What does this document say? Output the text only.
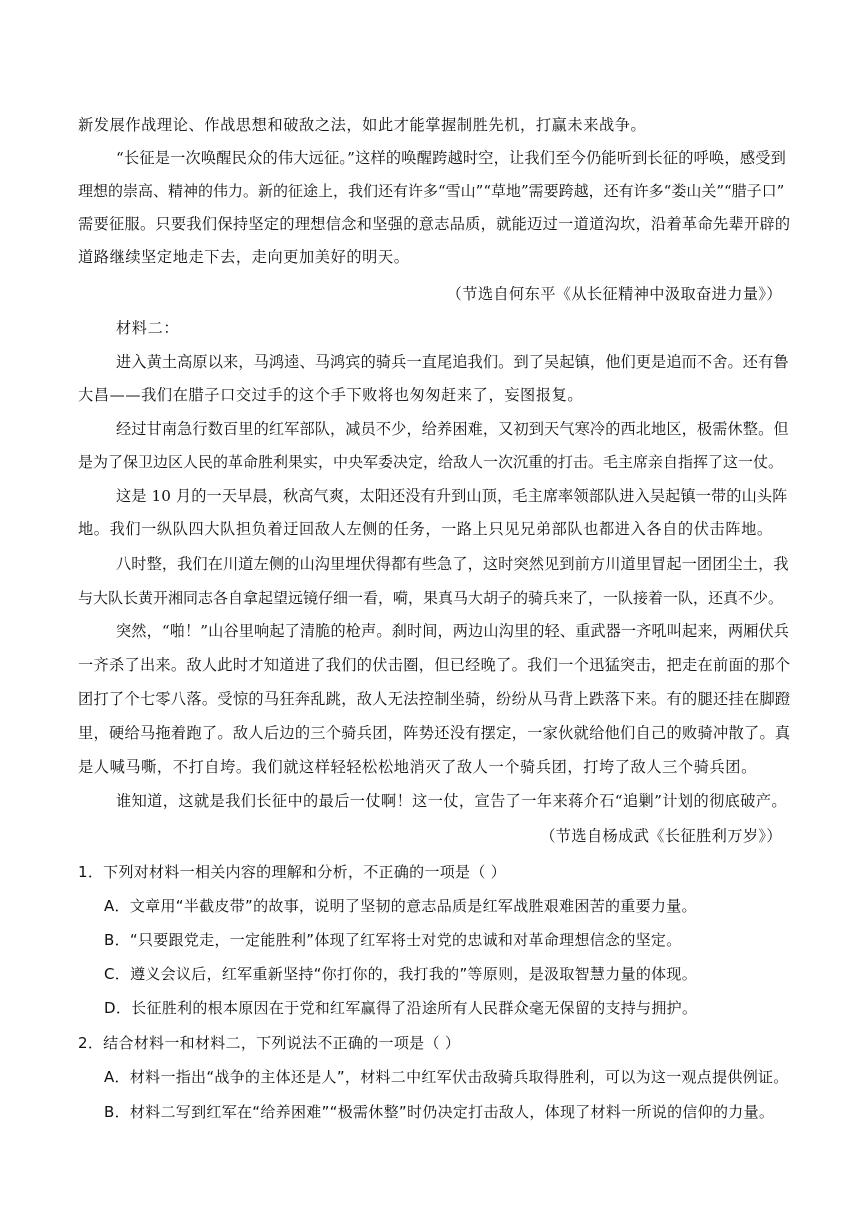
新发展作战理论、作战思想和破敌之法，如此才能掌握制胜先机，打赢未来战争。
“长征是一次唤醒民众的伟大远征。”这样的唤醒跨越时空，让我们至今仍能听到长征的呼唤，感受到
理想的崇高、精神的伟力。新的征途上，我们还有许多“雪山”“草地”需要跨越，还有许多“娄山关”“腊子口”
需要征服。只要我们保持坚定的理想信念和坚强的意志品质，就能迈过一道道沟坎，沿着革命先辈开辟的
道路继续坚定地走下去，走向更加美好的明天。
（节选自何东平《从长征精神中汲取奋进力量》）
材料二：
进入黄土高原以来，马鸿逵、马鸿宾的骑兵一直尾追我们。到了吴起镇，他们更是追而不舍。还有鲁
大昌——我们在腊子口交过手的这个手下败将也匆匆赶来了，妄图报复。
经过甘南急行数百里的红军部队，减员不少，给养困难，又初到天气寒冷的西北地区，极需休整。但
是为了保卫边区人民的革命胜利果实，中央军委决定，给敌人一次沉重的打击。毛主席亲自指挥了这一仗。
这是 10 月的一天早晨，秋高气爽，太阳还没有升到山顶，毛主席率领部队进入吴起镇一带的山头阵
地。我们一纵队四大队担负着迂回敌人左侧的任务，一路上只见兄弟部队也都进入各自的伏击阵地。
八时整，我们在川道左侧的山沟里埋伏得都有些急了，这时突然见到前方川道里冒起一团团尘土，我
与大队长黄开湘同志各自拿起望远镜仔细一看，嗬，果真马大胡子的骑兵来了，一队接着一队，还真不少。
突然，“啪！”山谷里响起了清脆的枪声。刹时间，两边山沟里的轻、重武器一齐吼叫起来，两厢伏兵
一齐杀了出来。敌人此时才知道进了我们的伏击圈，但已经晚了。我们一个迅猛突击，把走在前面的那个
团打了个七零八落。受惊的马狂奔乱跳，敌人无法控制坐骑，纷纷从马背上跌落下来。有的腿还挂在脚蹬
里，硬给马拖着跑了。敌人后边的三个骑兵团，阵势还没有摆定，一家伙就给他们自己的败骑冲散了。真
是人喊马嘶，不打自垮。我们就这样轻轻松松地消灭了敌人一个骑兵团，打垮了敌人三个骑兵团。
谁知道，这就是我们长征中的最后一仗啊！这一仗，宣告了一年来蒋介石“追剿”计划的彻底破产。
（节选自杨成武《长征胜利万岁》）
1．下列对材料一相关内容的理解和分析，不正确的一项是（ ）
A．文章用“半截皮带”的故事，说明了坚韧的意志品质是红军战胜艰难困苦的重要力量。
B．“只要跟党走，一定能胜利”体现了红军将士对党的忠诚和对革命理想信念的坚定。
C．遵义会议后，红军重新坚持“你打你的，我打我的”等原则，是汲取智慧力量的体现。
D．长征胜利的根本原因在于党和红军赢得了沿途所有人民群众毫无保留的支持与拥护。
2．结合材料一和材料二，下列说法不正确的一项是（ ）
A．材料一指出“战争的主体还是人”，材料二中红军伏击敌骑兵取得胜利，可以为这一观点提供例证。
B．材料二写到红军在“给养困难”“极需休整”时仍决定打击敌人，体现了材料一所说的信仰的力量。
